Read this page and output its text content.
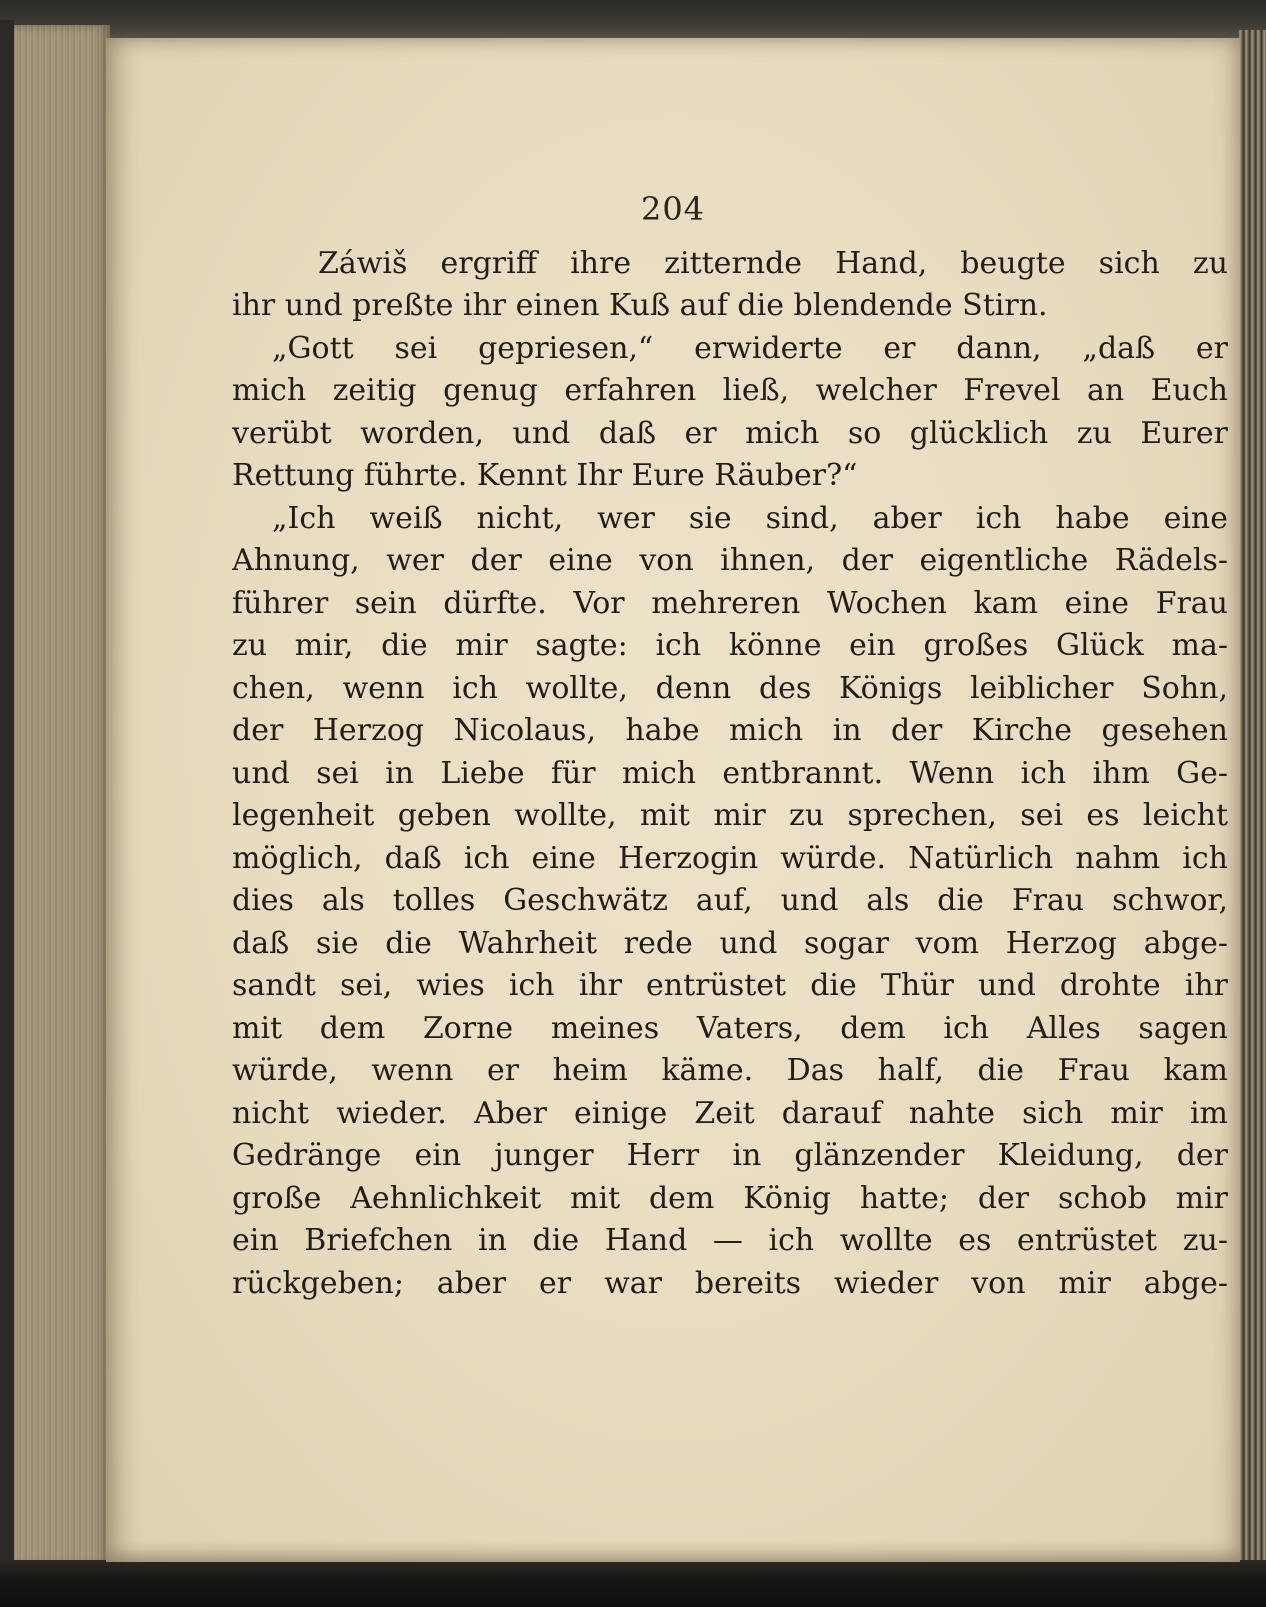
204

Záwiš ergriff ihre zitternde Hand, beugte sich zu

ihr und preßte ihr einen Kuß auf die blendende Stirn.

„Gott sei gepriesen,“ erwiderte er dann, „daß er

mich zeitig genug erfahren ließ, welcher Frevel an Euch

verübt worden, und daß er mich so glücklich zu Eurer

Rettung führte. Kennt Ihr Eure Räuber?“

„Ich weiß nicht, wer sie sind, aber ich habe eine

Ahnung, wer der eine von ihnen, der eigentliche Rädels-

führer sein dürfte. Vor mehreren Wochen kam eine Frau

zu mir, die mir sagte: ich könne ein großes Glück ma-

chen, wenn ich wollte, denn des Königs leiblicher Sohn,

der Herzog Nicolaus, habe mich in der Kirche gesehen

und sei in Liebe für mich entbrannt. Wenn ich ihm Ge-

legenheit geben wollte, mit mir zu sprechen, sei es leicht

möglich, daß ich eine Herzogin würde. Natürlich nahm ich

dies als tolles Geschwätz auf, und als die Frau schwor,

daß sie die Wahrheit rede und sogar vom Herzog abge-

sandt sei, wies ich ihr entrüstet die Thür und drohte ihr

mit dem Zorne meines Vaters, dem ich Alles sagen

würde, wenn er heim käme. Das half, die Frau kam

nicht wieder. Aber einige Zeit darauf nahte sich mir im

Gedränge ein junger Herr in glänzender Kleidung, der

große Aehnlichkeit mit dem König hatte; der schob mir

ein Briefchen in die Hand — ich wollte es entrüstet zu-

rückgeben; aber er war bereits wieder von mir abge-
